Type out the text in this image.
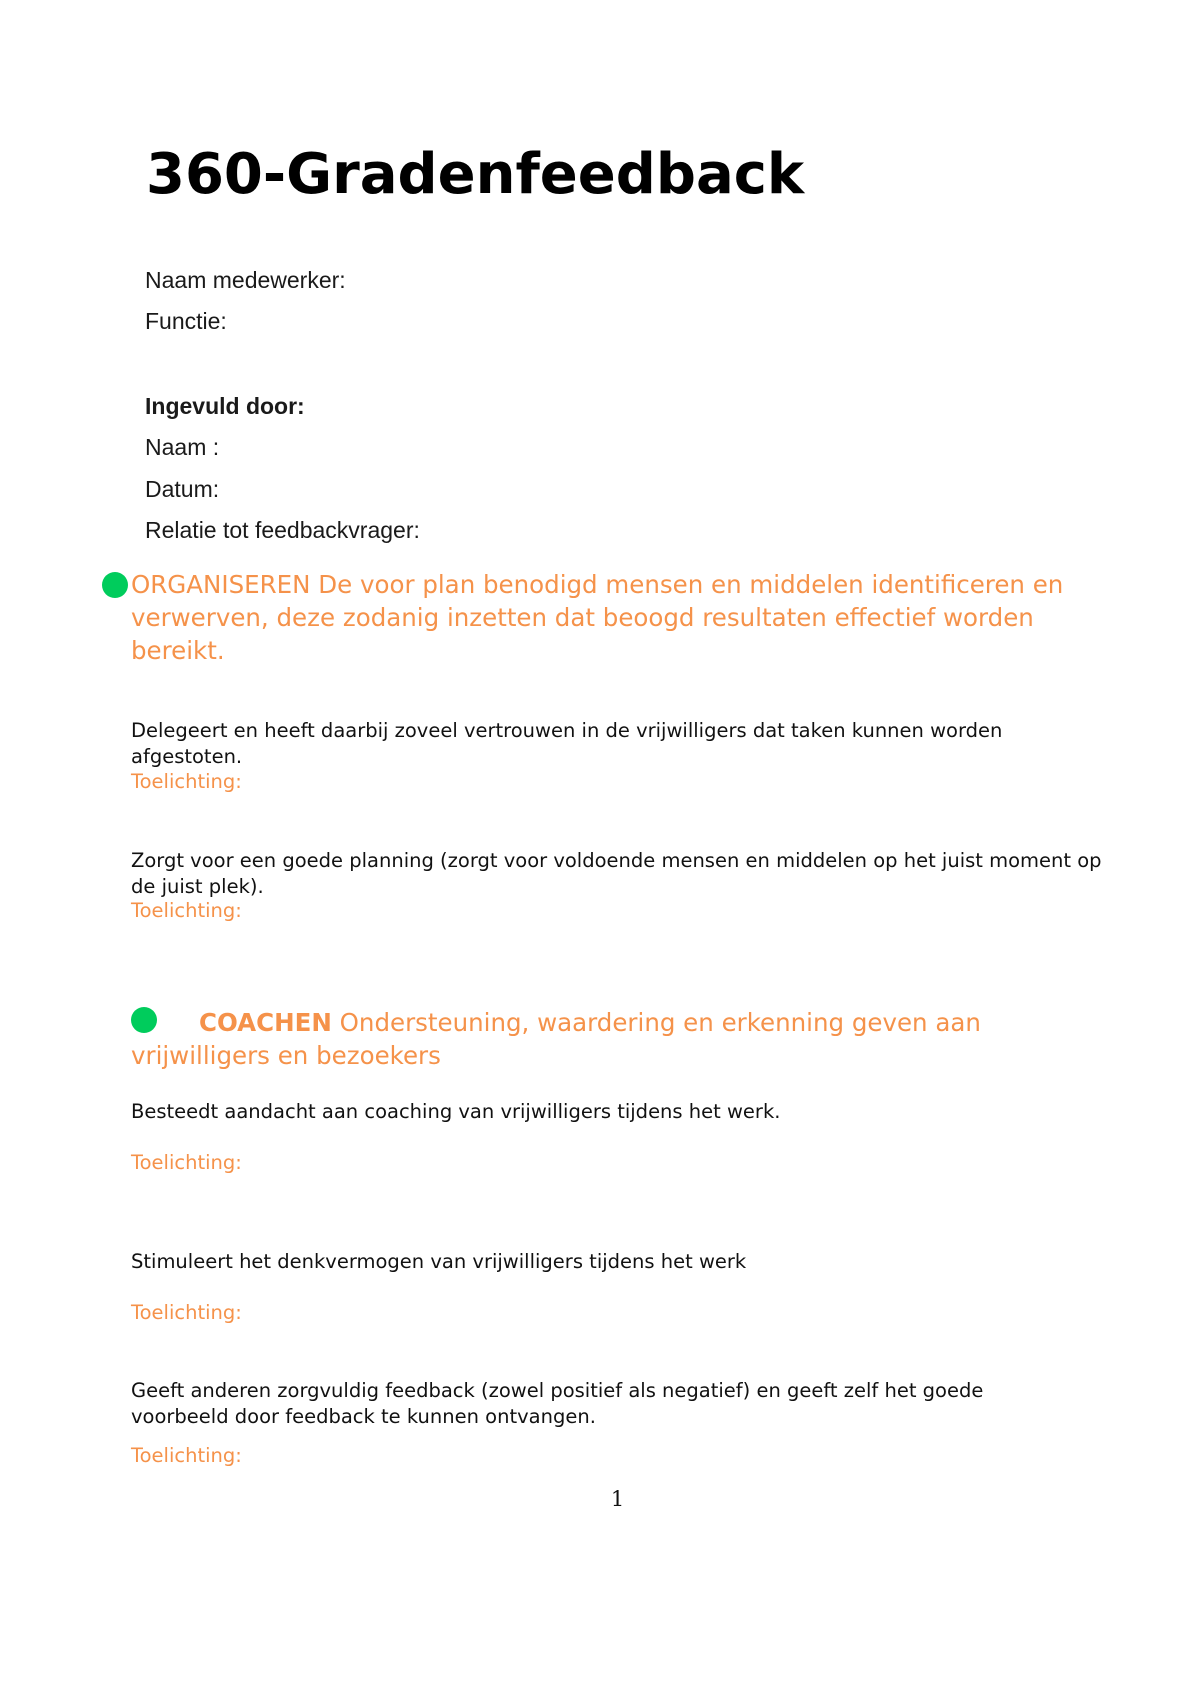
360-Gradenfeedback
Naam medewerker:
Functie:
Ingevuld door:
Naam :
Datum:
Relatie tot feedbackvrager:
ORGANISEREN De voor plan benodigd mensen en middelen identificeren en verwerven, deze zodanig inzetten dat beoogd resultaten effectief worden bereikt.
Delegeert en heeft daarbij zoveel vertrouwen in de vrijwilligers dat taken kunnen worden afgestoten.
Toelichting:
Zorgt voor een goede planning (zorgt voor voldoende mensen en middelen op het juist moment op de juist plek).
Toelichting:
COACHEN Ondersteuning, waardering en erkenning geven aan vrijwilligers en bezoekers
Besteedt aandacht aan coaching van vrijwilligers tijdens het werk.
Toelichting:
Stimuleert het denkvermogen van vrijwilligers tijdens het werk
Toelichting:
Geeft anderen zorgvuldig feedback (zowel positief als negatief) en geeft zelf het goede voorbeeld door feedback te kunnen ontvangen.
Toelichting:
1
